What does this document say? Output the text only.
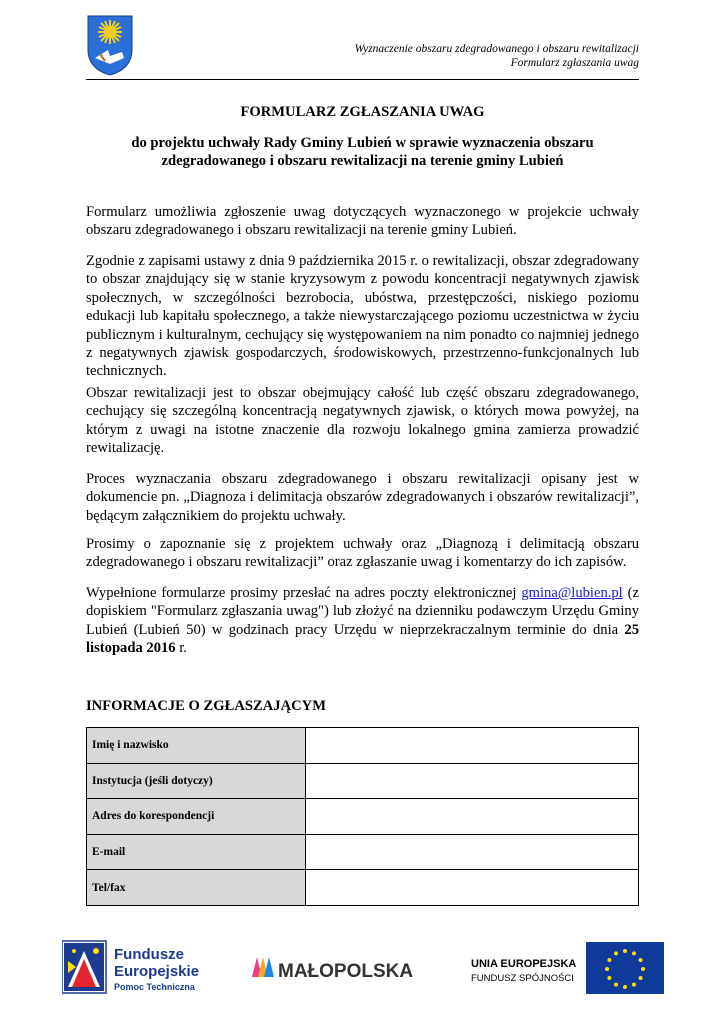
Wyznaczenie obszaru zdegradowanego i obszaru rewitalizacji
Formularz zgłaszania uwag
FORMULARZ ZGŁASZANIA UWAG
do projektu uchwały Rady Gminy Lubień w sprawie wyznaczenia obszaru zdegradowanego i obszaru rewitalizacji na terenie gminy Lubień

Formularz umożliwia zgłoszenie uwag dotyczących wyznaczonego w projekcie uchwały obszaru zdegradowanego i obszaru rewitalizacji na terenie gminy Lubień.

Zgodnie z zapisami ustawy z dnia 9 października 2015 r. o rewitalizacji, obszar zdegradowany to obszar znajdujący się w stanie kryzysowym z powodu koncentracji negatywnych zjawisk społecznych, w szczególności bezrobocia, ubóstwa, przestępczości, niskiego poziomu edukacji lub kapitału społecznego, a także niewystarczającego poziomu uczestnictwa w życiu publicznym i kulturalnym, cechujący się występowaniem na nim ponadto co najmniej jednego z negatywnych zjawisk gospodarczych, środowiskowych, przestrzenno-funkcjonalnych lub technicznych.

Obszar rewitalizacji jest to obszar obejmujący całość lub część obszaru zdegradowanego, cechujący się szczególną koncentracją negatywnych zjawisk, o których mowa powyżej, na którym z uwagi na istotne znaczenie dla rozwoju lokalnego gmina zamierza prowadzić rewitalizację.

Proces wyznaczania obszaru zdegradowanego i obszaru rewitalizacji opisany jest w dokumencie pn. „Diagnoza i delimitacja obszarów zdegradowanych i obszarów rewitalizacji”, będącym załącznikiem do projektu uchwały.

Prosimy o zapoznanie się z projektem uchwały oraz „Diagnozą i delimitacją obszaru zdegradowanego i obszaru rewitalizacji” oraz zgłaszanie uwag i komentarzy do ich zapisów.

Wypełnione formularze prosimy przesłać na adres poczty elektronicznej gmina@lubien.pl (z dopiskiem "Formularz zgłaszania uwag") lub złożyć na dzienniku podawczym Urzędu Gminy Lubień (Lubień 50) w godzinach pracy Urzędu w nieprzekraczalnym terminie do dnia 25 listopada 2016 r.

INFORMACJE O ZGŁASZAJĄCYM
Imię i nazwisko	
Instytucja (jeśli dotyczy)	
Adres do korespondencji	
E-mail	
Tel/fax	
Fundusze
Europejskie
Pomoc Techniczna
MAŁOPOLSKA	UNIA EUROPEJSKA
FUNDUSZ SPÓJNOŚCI
